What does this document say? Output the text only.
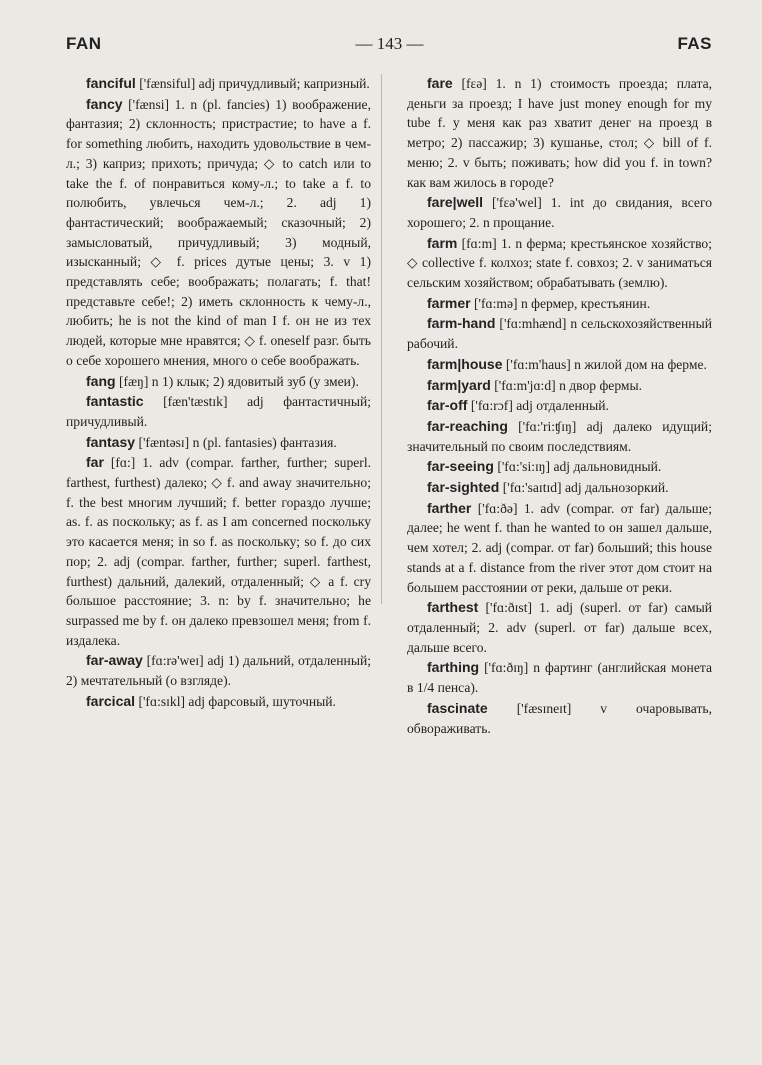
FAN	— 143 —	FAS

fanciful ['fænsiful] adj причудливый; капризный.

fancy ['fænsi] 1. n (pl. fancies) 1) воображение, фантазия; 2) склонность; пристрастие; to have a f. for something любить, находить удовольствие в чем-л.; 3) каприз; прихоть; причуда; ◇ to catch или to take the f. of понравиться кому-л.; to take a f. to полюбить, увлечься чем-л.; 2. adj 1) фантастический; воображаемый; сказочный; 2) замысловатый, причудливый; 3) модный, изысканный; ◇ f. prices дутые цены; 3. v 1) представлять себе; воображать; полагать; f. that! представьте себе!; 2) иметь склонность к чему-л., любить; he is not the kind of man I f. он не из тех людей, которые мне нравятся; ◇ f. oneself разг. быть о себе хорошего мнения, много о себе воображать.

fang [fæŋ] n 1) клык; 2) ядовитый зуб (у змеи).

fantastic [fæn'tæstɪk] adj фантастичный; причудливый.

fantasy ['fæntəsɪ] n (pl. fantasies) фантазия.

far [fɑ:] 1. adv (compar. farther, further; superl. farthest, furthest) далеко; ◇ f. and away значительно; f. the best многим лучший; f. better гораздо лучше; as. f. as поскольку; as f. as I am concerned поскольку это касается меня; in so f. as поскольку; so f. до сих пор; 2. adj (compar. farther, further; superl. farthest, furthest) дальний, далекий, отдаленный; ◇ a f. cry большое расстояние; 3. n: by f. значительно; he surpassed me by f. он далеко превзошел меня; from f. издалека.

far-away [fɑ:rə'weɪ] adj 1) дальний, отдаленный; 2) мечтательный (о взгляде).

farcical ['fɑ:sɪkl] adj фарсовый, шуточный.

fare [fɛə] 1. n 1) стоимость проезда; плата, деньги за проезд; I have just money enough for my tube f. у меня как раз хватит денег на проезд в метро; 2) пассажир; 3) кушанье, стол; ◇ bill of f. меню; 2. v быть; поживать; how did you f. in town? как вам жилось в городе?

fare|well ['fɛə'wel] 1. int до свидания, всего хорошего; 2. n прощание.

farm [fɑ:m] 1. n ферма; крестьянское хозяйство; ◇ collective f. колхоз; state f. совхоз; 2. v заниматься сельским хозяйством; обрабатывать (землю).

farmer ['fɑ:mə] n фермер, крестьянин.

farm-hand ['fɑ:mhænd] n сельскохозяйственный рабочий.

farm|house ['fɑ:m'haus] n жилой дом на ферме.

farm|yard ['fɑ:m'jɑ:d] n двор фермы.

far-off ['fɑ:rɔf] adj отдаленный.

far-reaching ['fɑ:'ri:ʧɪŋ] adj далеко идущий; значительный по своим последствиям.

far-seeing ['fɑ:'si:ɪŋ] adj дальновидный.

far-sighted ['fɑ:'saɪtɪd] adj дальнозоркий.

farther ['fɑ:ðə] 1. adv (compar. от far) дальше; далее; he went f. than he wanted to он зашел дальше, чем хотел; 2. adj (compar. от far) больший; this house stands at a f. distance from the river этот дом стоит на большем расстоянии от реки, дальше от реки.

farthest ['fɑ:ðɪst] 1. adj (superl. от far) самый отдаленный; 2. adv (superl. от far) дальше всех, дальше всего.

farthing ['fɑ:ðɪŋ] n фартинг (английская монета в 1/4 пенса).

fascinate ['fæsɪneɪt] v очаровывать, обвораживать.
